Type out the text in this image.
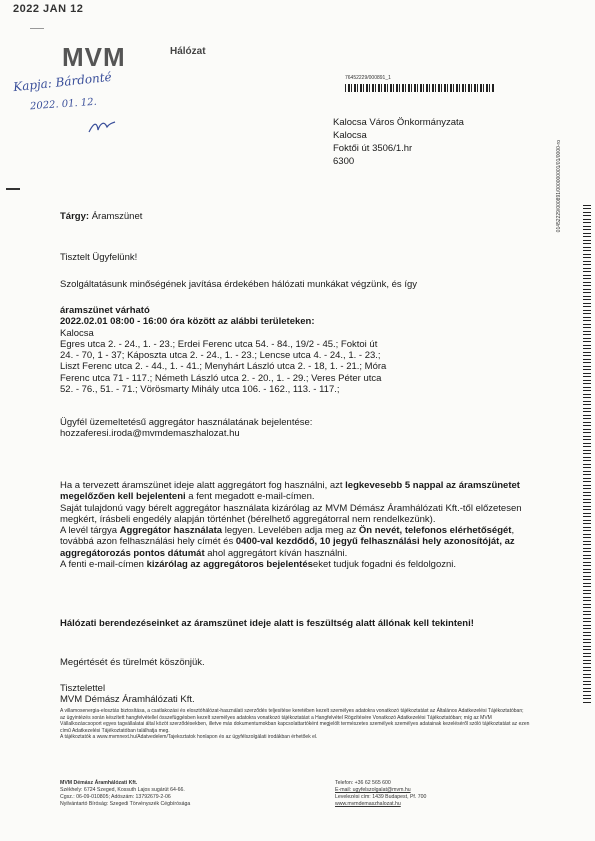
2022 JAN 12
MVM	Hálózat
Kapja: Bárdonté
2022. 01. 12.
76452229/000891_1
Kalocsa Város Önkormányzata
Kalocsa
Foktői út 3506/1.hr
6300	01452229/000891/000000001/01/0000-ro
Tárgy: Áramszünet

Tisztelt Ügyfelünk!

Szolgáltatásunk minőségének javítása érdekében hálózati munkákat végzünk, és így

áramszünet várható
2022.02.01 08:00 - 16:00 óra között az alábbi területeken:
Kalocsa
Egres utca 2. - 24., 1. - 23.; Erdei Ferenc utca 54. - 84., 19/2 - 45.; Foktoi út
24. - 70, 1 - 37; Káposzta utca 2. - 24., 1. - 23.; Lencse utca 4. - 24., 1. - 23.;
Liszt Ferenc utca 2. - 44., 1. - 41.; Menyhárt László utca 2. - 18, 1. - 21.; Móra
Ferenc utca 71 - 117.; Németh László utca 2. - 20., 1. - 29.; Veres Péter utca
52. - 76., 51. - 71.; Vörösmarty Mihály utca 106. - 162., 113. - 117.;
Ügyfél üzemeltetésű aggregátor használatának bejelentése:
hozzaferesi.iroda@mvmdemaszhalozat.hu

Ha a tervezett áramszünet ideje alatt aggregátort fog használni, azt legkevesebb 5 nappal az áramszünetet megelőzően kell bejelenteni a fent megadott e-mail-címen.

Saját tulajdonú vagy bérelt aggregátor használata kizárólag az MVM Démász Áramhálózati Kft.-től előzetesen megkért, írásbeli engedély alapján történhet (bérelhető aggregátorral nem rendelkezünk).

A levél tárgya Aggregátor használata legyen. Levelében adja meg az Ön nevét, telefonos elérhetőségét, továbbá azon felhasználási hely címét és 0400-val kezdődő, 10 jegyű felhasználási hely azonosítóját, az aggregátorozás pontos dátumát ahol aggregátort kíván használni.

A fenti e-mail-címen kizárólag az aggregátoros bejelentéseket tudjuk fogadni és feldolgozni.

Hálózati berendezéseinket az áramszünet ideje alatt is feszültség alatt állónak kell tekinteni!

Megértését és türelmét köszönjük.

Tisztelettel
MVM Démász Áramhálózati Kft.
A villamosenergia-elosztás biztosítása, a csatlakozási és elosztóhálózat-használati szerződés teljesítése keretében kezelt személyes adatokra vonatkozó tájékoztatást az Általános Adatkezelési Tájékoztatóban; az ügyintézés során készített hangfelvétellel összefüggésben kezelt személyes adatokra vonatkozó tájékoztatást a Hangfelvétel Rögzítésére Vonatkozó Adatkezelési Tájékoztatóban; míg az MVM Vállalkozáscsoport egyes tagvállalatai által közöt szerződésekben, illetve más dokumentumokban kapcsolattartóként megjelölt természetes személyek személyes adatainak kezeléséről szóló tájékoztatást az ezen című Adatkezelési Tájékoztatóban találhatja meg.
A tájékoztatók a www.mvmnext.hu/Adatvedelem/Tajekoztatok honlapon és az ügyfélszolgálati irodákban érhetőek el.
MVM Démász Áramhálózati Kft.
Székhely: 6724 Szeged, Kossuth Lajos sugárút 64-66.
Cgsz.: 06-09-010805; Adószám: 13792679-2-06
Nyilvántartó Bíróság: Szegedi Törvényszék Cégbírósága
Telefon: +36 62 565 600
E-mail: ugyfelszolgalat@mvm.hu
Levelezési cím: 1439 Budapest, Pf. 700
www.mvmdemaszhalozat.hu
